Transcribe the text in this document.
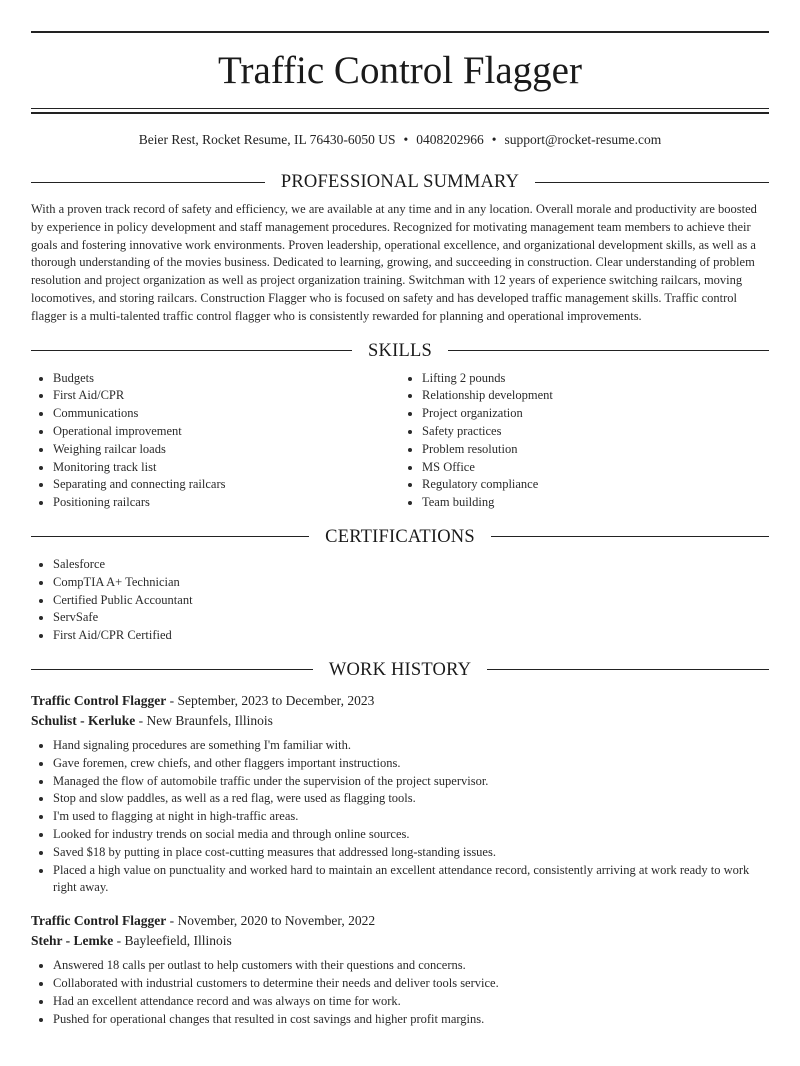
Traffic Control Flagger
Beier Rest, Rocket Resume, IL 76430-6050 US • 0408202966 • support@rocket-resume.com
PROFESSIONAL SUMMARY

With a proven track record of safety and efficiency, we are available at any time and in any location. Overall morale and productivity are boosted by experience in policy development and staff management procedures. Recognized for motivating management team members to achieve their goals and fostering innovative work environments. Proven leadership, operational excellence, and organizational development skills, as well as a thorough understanding of the movies business. Dedicated to learning, growing, and succeeding in construction. Clear understanding of problem resolution and project organization as well as project organization training. Switchman with 12 years of experience switching railcars, moving locomotives, and storing railcars. Construction Flagger who is focused on safety and has developed traffic management skills. Traffic control flagger is a multi-talented traffic control flagger who is consistently rewarded for planning and operational improvements.

SKILLS
• Budgets
• First Aid/CPR
• Communications
• Operational improvement
• Weighing railcar loads
• Monitoring track list
• Separating and connecting railcars
• Positioning railcars
• Lifting 2 pounds
• Relationship development
• Project organization
• Safety practices
• Problem resolution
• MS Office
• Regulatory compliance
• Team building
CERTIFICATIONS
• Salesforce
• CompTIA A+ Technician
• Certified Public Accountant
• ServSafe
• First Aid/CPR Certified
WORK HISTORY
Traffic Control Flagger - September, 2023 to December, 2023
Schulist - Kerluke - New Braunfels, Illinois
• Hand signaling procedures are something I'm familiar with.
• Gave foremen, crew chiefs, and other flaggers important instructions.
• Managed the flow of automobile traffic under the supervision of the project supervisor.
• Stop and slow paddles, as well as a red flag, were used as flagging tools.
• I'm used to flagging at night in high-traffic areas.
• Looked for industry trends on social media and through online sources.
• Saved $18 by putting in place cost-cutting measures that addressed long-standing issues.
• Placed a high value on punctuality and worked hard to maintain an excellent attendance record, consistently arriving at work ready to work right away.
Traffic Control Flagger - November, 2020 to November, 2022
Stehr - Lemke - Bayleefield, Illinois
• Answered 18 calls per outlast to help customers with their questions and concerns.
• Collaborated with industrial customers to determine their needs and deliver tools service.
• Had an excellent attendance record and was always on time for work.
• Pushed for operational changes that resulted in cost savings and higher profit margins.
